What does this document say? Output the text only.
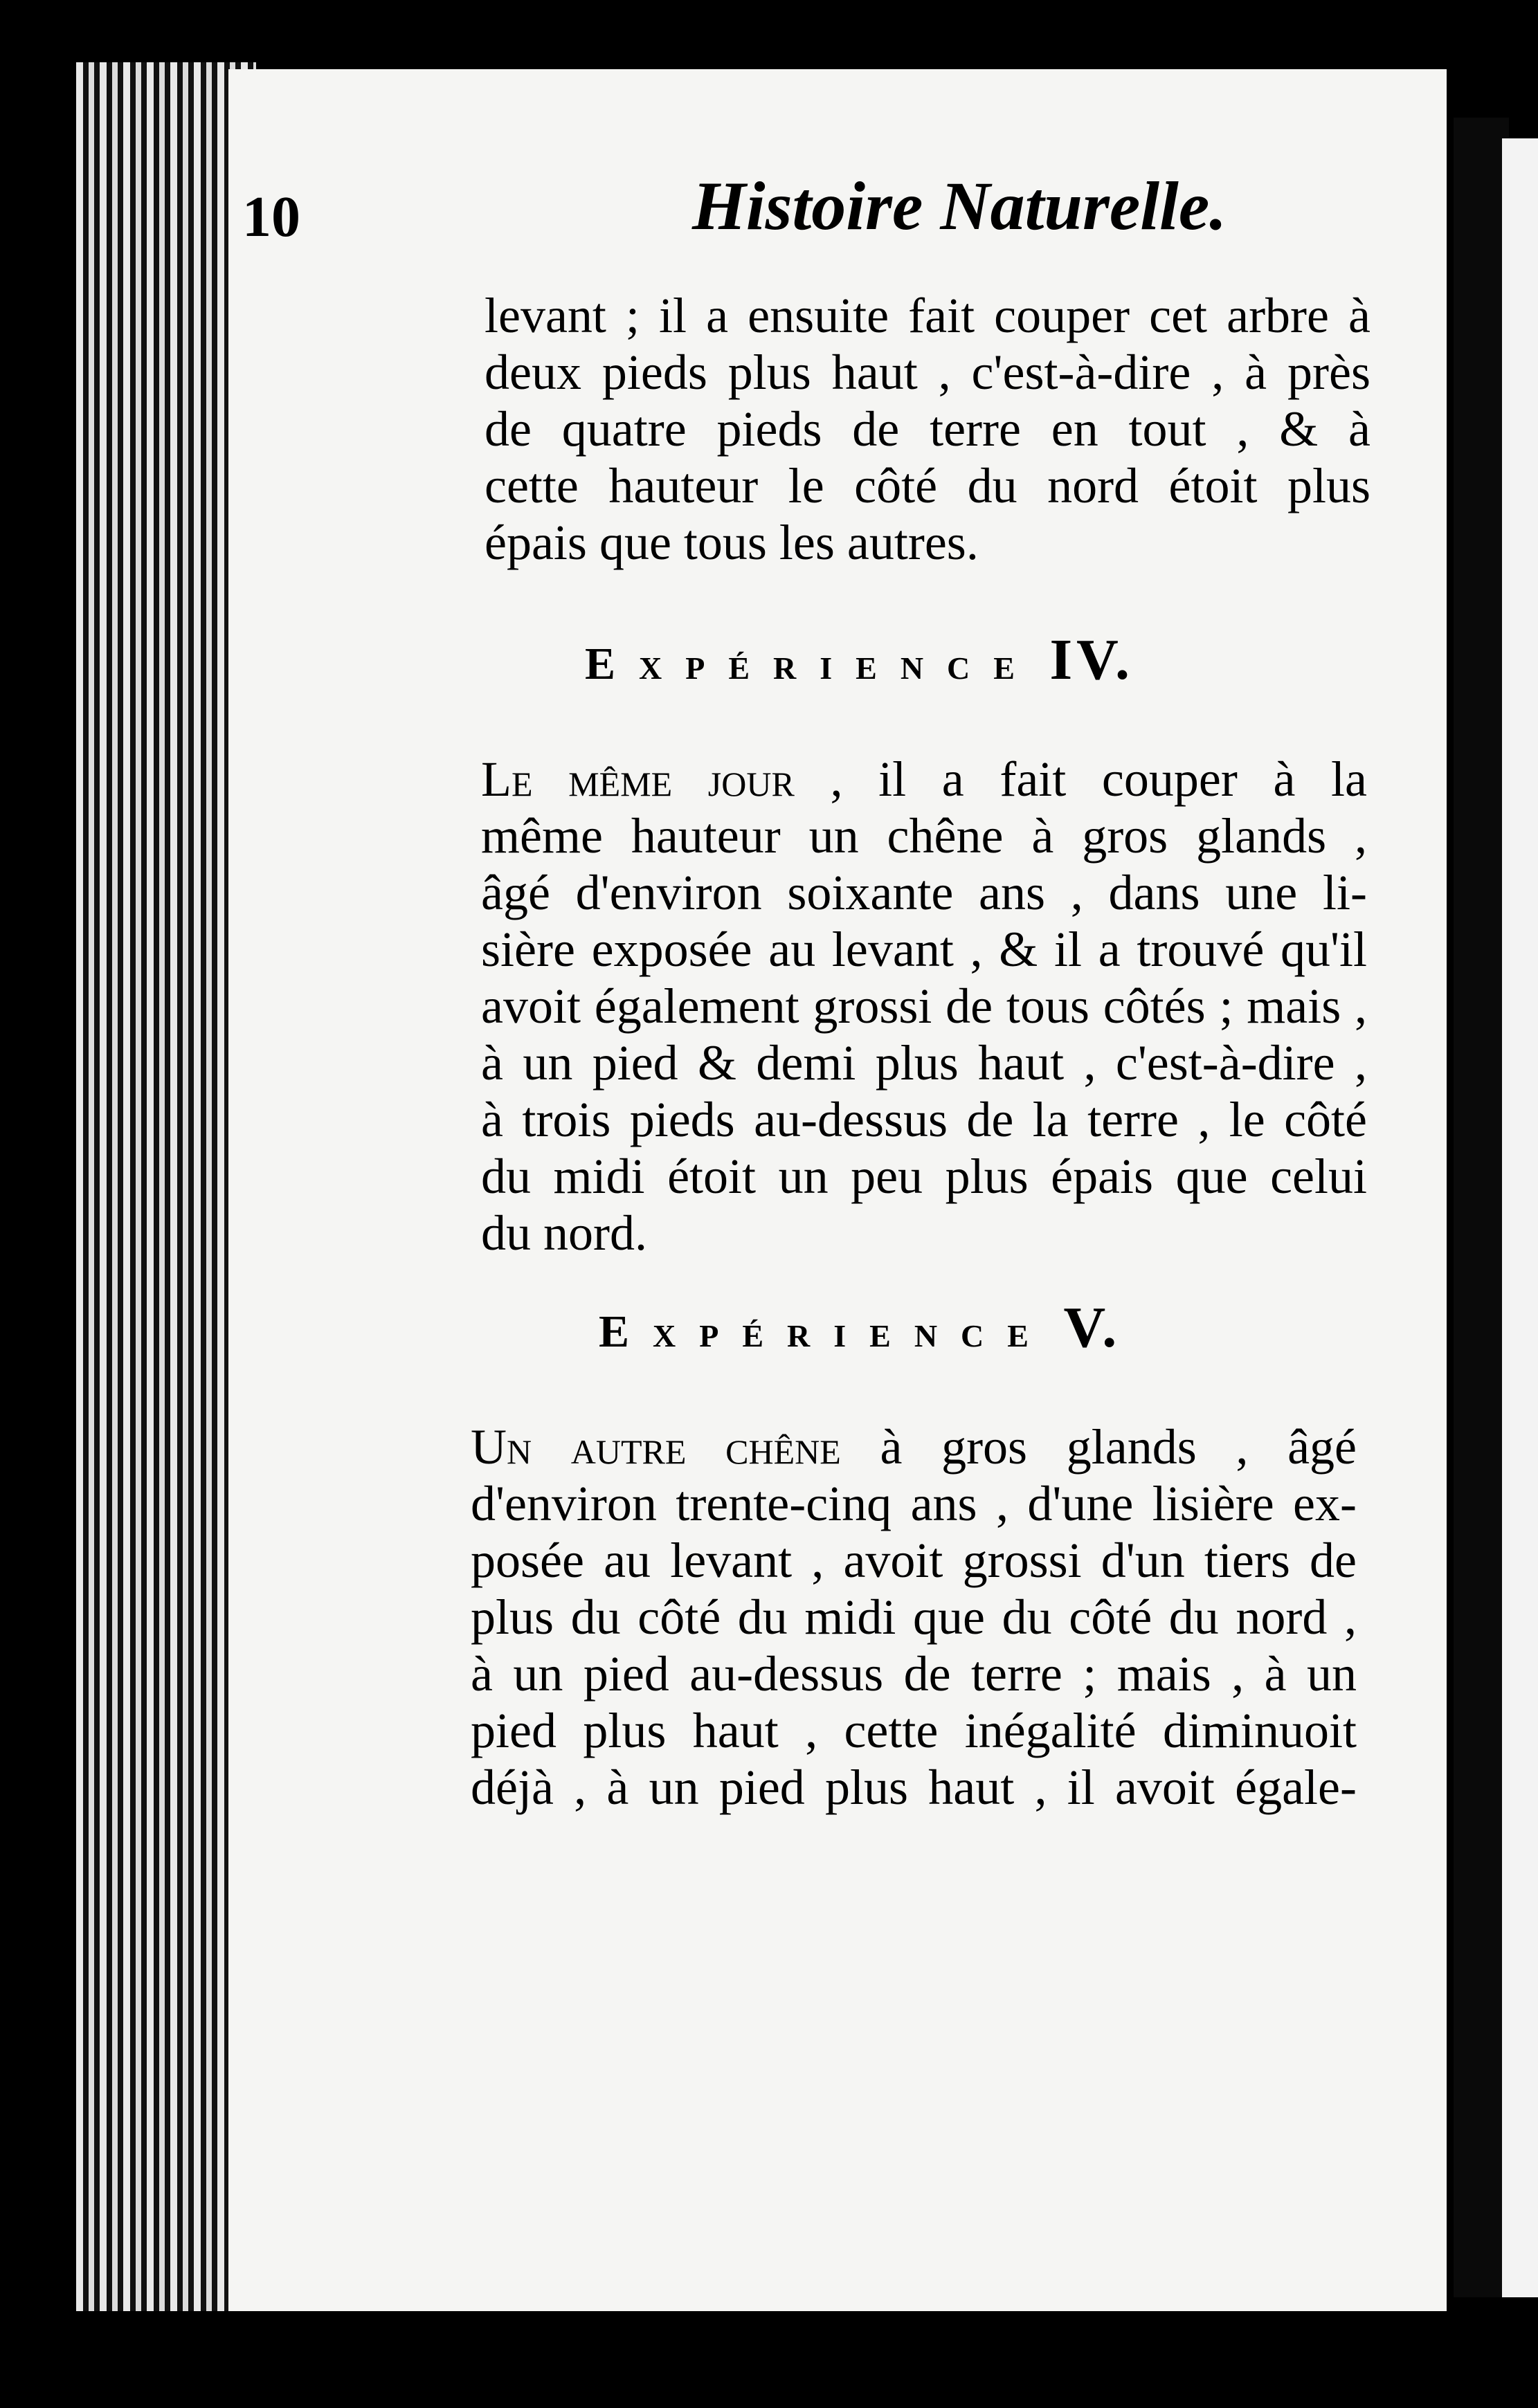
10	Histoire Naturelle.
levant ; il a ensuite fait couper cet arbre à
deux pieds plus haut , c'est-à-dire , à près
de quatre pieds de terre en tout , & à
cette hauteur le côté du nord étoit plus
épais que tous les autres.
Expérience IV.
Le même jour , il a fait couper à la
même hauteur un chêne à gros glands ,
âgé d'environ soixante ans , dans une li-
sière exposée au levant , & il a trouvé qu'il
avoit également grossi de tous côtés ; mais ,
à un pied & demi plus haut , c'est-à-dire ,
à trois pieds au-dessus de la terre , le côté
du midi étoit un peu plus épais que celui
du nord.
Expérience V.
Un autre chêne à gros glands , âgé
d'environ trente-cinq ans , d'une lisière ex-
posée au levant , avoit grossi d'un tiers de
plus du côté du midi que du côté du nord ,
à un pied au-dessus de terre ; mais , à un
pied plus haut , cette inégalité diminuoit
déjà , à un pied plus haut , il avoit égale-
